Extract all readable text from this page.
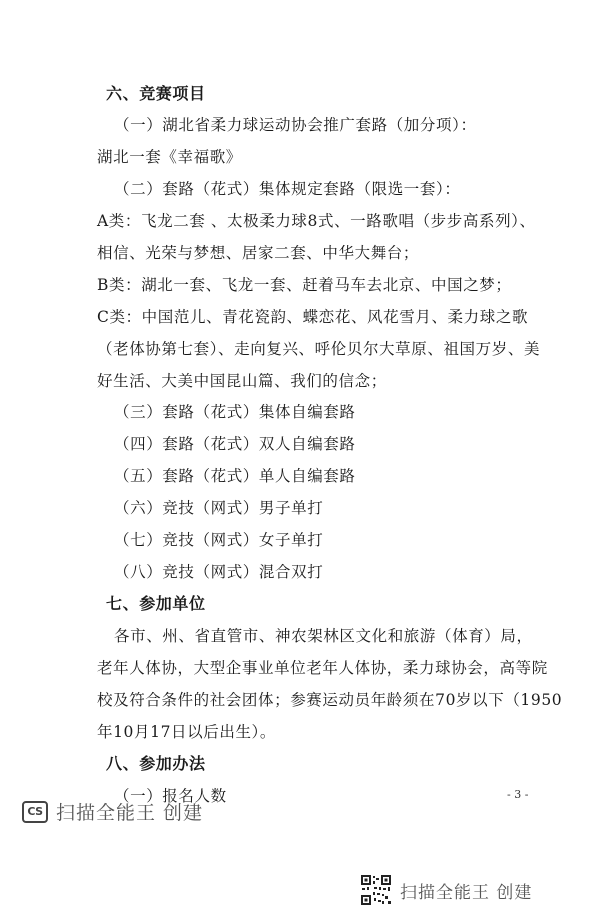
六、竞赛项目
（一）湖北省柔力球运动协会推广套路（加分项）：
湖北一套《幸福歌》
（二）套路（花式）集体规定套路（限选一套）：
A类：飞龙二套 、太极柔力球8式、一路歌唱（步步高系列）、
相信、光荣与梦想、居家二套、中华大舞台；
B类：湖北一套、飞龙一套、赶着马车去北京、中国之梦；
C类：中国范儿、青花瓷韵、蝶恋花、风花雪月、柔力球之歌
（老体协第七套）、走向复兴、呼伦贝尔大草原、祖国万岁、美
好生活、大美中国昆山篇、我们的信念；
（三）套路（花式）集体自编套路
（四）套路（花式）双人自编套路
（五）套路（花式）单人自编套路
（六）竞技（网式）男子单打
（七）竞技（网式）女子单打
（八）竞技（网式）混合双打
七、参加单位
各市、州、省直管市、神农架林区文化和旅游（体育）局，
老年人体协，大型企事业单位老年人体协，柔力球协会，高等院
校及符合条件的社会团体；参赛运动员年龄须在70岁以下（1950
年10月17日以后出生）。
八、参加办法
（一）报名人数	- 3 -
CS 扫描全能王 创建
扫描全能王 创建
